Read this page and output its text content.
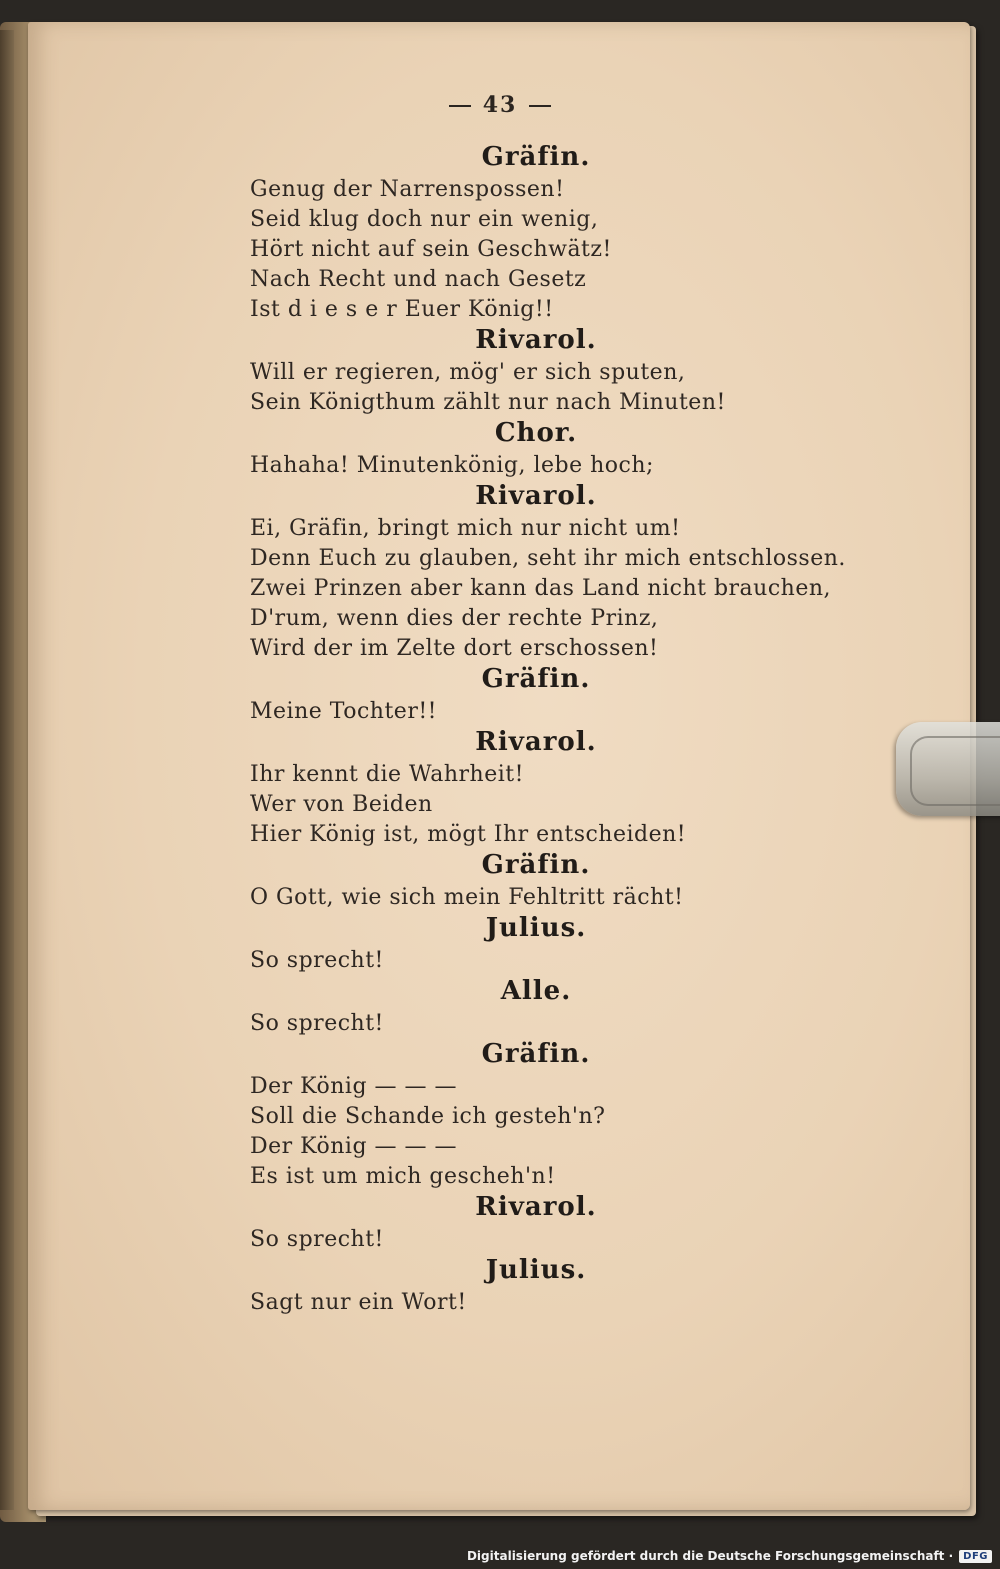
43
Gräfin.
Genug der Narrenspossen!
Seid klug doch nur ein wenig,
Hört nicht auf sein Geschwätz!
Nach Recht und nach Gesetz
Ist d i e s e r Euer König!!
Rivarol.
Will er regieren, mög' er sich sputen,
Sein Königthum zählt nur nach Minuten!
Chor.
Hahaha! Minutenkönig, lebe hoch;
Rivarol.
Ei, Gräfin, bringt mich nur nicht um!
Denn Euch zu glauben, seht ihr mich entschlossen.
Zwei Prinzen aber kann das Land nicht brauchen,
D'rum, wenn dies der rechte Prinz,
Wird der im Zelte dort erschossen!
Gräfin.
Meine Tochter!!
Rivarol.
Ihr kennt die Wahrheit!
Wer von Beiden
Hier König ist, mögt Ihr entscheiden!
Gräfin.
O Gott, wie sich mein Fehltritt rächt!
Julius.
So sprecht!
Alle.
So sprecht!
Gräfin.
Der König — — —
Soll die Schande ich gesteh'n?
Der König — — —
Es ist um mich gescheh'n!
Rivarol.
So sprecht!
Julius.
Sagt nur ein Wort!
Digitalisierung gefördert durch die Deutsche Forschungsgemeinschaft ·	DFG
